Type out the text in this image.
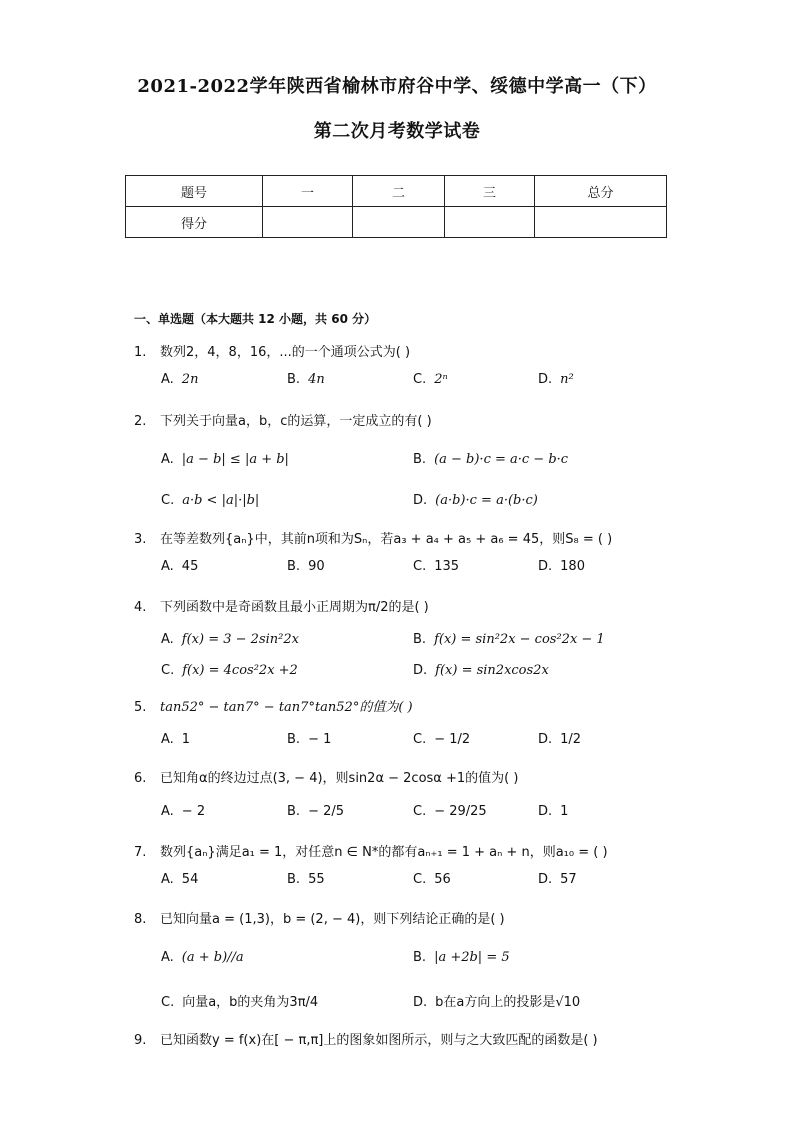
2021-2022学年陕西省榆林市府谷中学、绥德中学高一（下）
第二次月考数学试卷
题号	一	二	三	总分
得分				
一、单选题（本大题共 12 小题，共 60 分）
1. 数列2，4，8，16，...的一个通项公式为( )
A. 2n	B. 4n	C. 2ⁿ	D. n²
2. 下列关于向量a，b，c的运算，一定成立的有( )
A. |a − b| ≤ |a + b|	B. (a − b)·c = a·c − b·c
C. a·b < |a|·|b|	D. (a·b)·c = a·(b·c)
3. 在等差数列{aₙ}中，其前n项和为Sₙ，若a₃ + a₄ + a₅ + a₆ = 45，则S₈ = ( )
A. 45	B. 90	C. 135	D. 180
4. 下列函数中是奇函数且最小正周期为π/2的是( )
A. f(x) = 3 − 2sin²2x	B. f(x) = sin²2x − cos²2x − 1
C. f(x) = 4cos²2x +2	D. f(x) = sin2xcos2x
5. tan52° − tan7° − tan7°tan52°的值为( )
A. 1	B. − 1	C. − 1/2	D. 1/2
6. 已知角α的终边过点(3, − 4)，则sin2α − 2cosα +1的值为( )
A. − 2	B. − 2/5	C. − 29/25	D. 1
7. 数列{aₙ}满足a₁ = 1，对任意n ∈ N*的都有aₙ₊₁ = 1 + aₙ + n，则a₁₀ = ( )
A. 54	B. 55	C. 56	D. 57
8. 已知向量a = (1,3)，b = (2, − 4)，则下列结论正确的是( )
A. (a + b)//a	B. |a +2b| = 5
C. 向量a，b的夹角为3π/4	D. b在a方向上的投影是√10
9. 已知函数y = f(x)在[ − π,π]上的图象如图所示，则与之大致匹配的函数是( )
